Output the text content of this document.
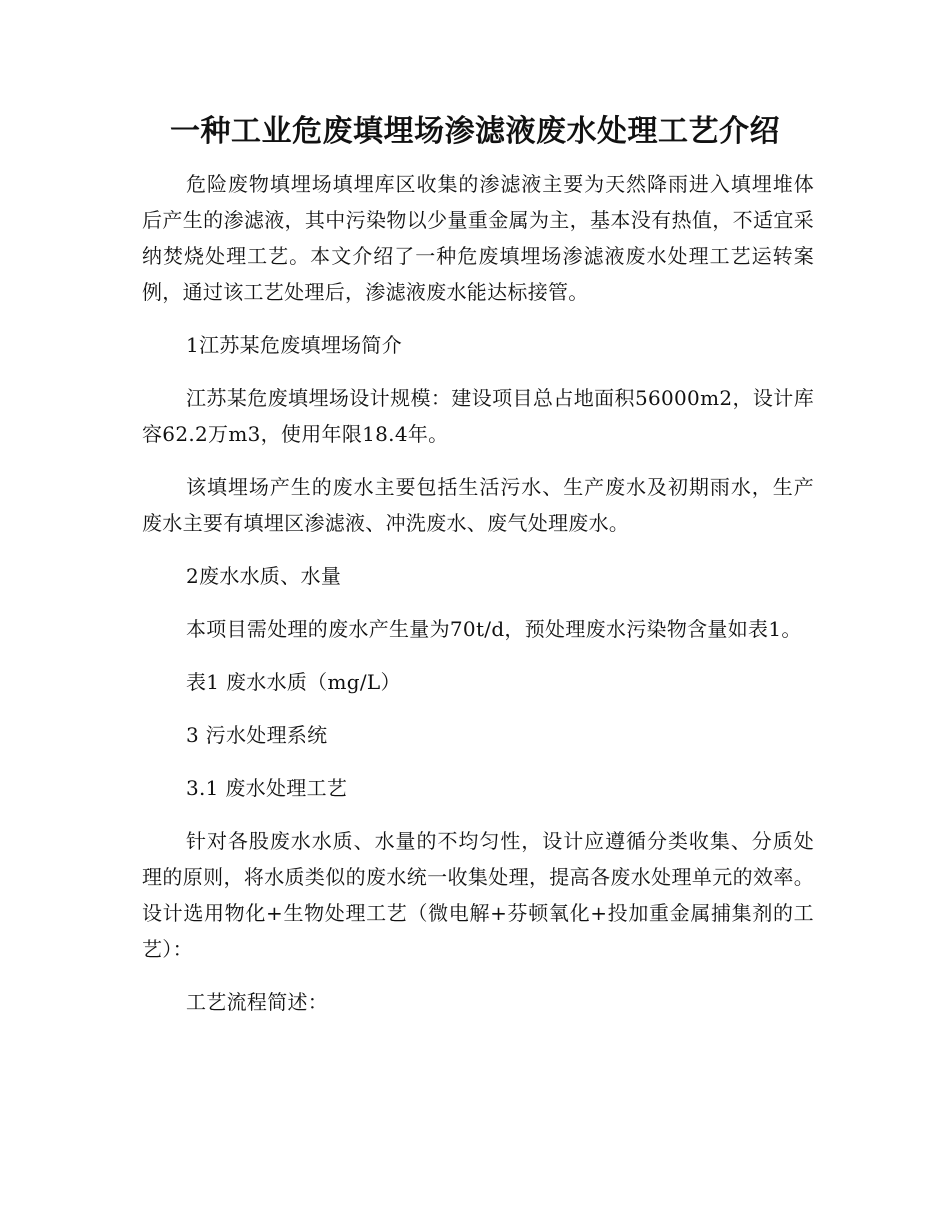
一种工业危废填埋场渗滤液废水处理工艺介绍

危险废物填埋场填埋库区收集的渗滤液主要为天然降雨进入填埋堆体后产生的渗滤液，其中污染物以少量重金属为主，基本没有热值，不适宜采纳焚烧处理工艺。本文介绍了一种危废填埋场渗滤液废水处理工艺运转案例，通过该工艺处理后，渗滤液废水能达标接管。

1江苏某危废填埋场简介

江苏某危废填埋场设计规模：建设项目总占地面积56000m2，设计库容62.2万m3，使用年限18.4年。

该填埋场产生的废水主要包括生活污水、生产废水及初期雨水，生产废水主要有填埋区渗滤液、冲洗废水、废气处理废水。

2废水水质、水量

本项目需处理的废水产生量为70t/d，预处理废水污染物含量如表1。

表1 废水水质（mg/L）

3 污水处理系统

3.1 废水处理工艺

针对各股废水水质、水量的不均匀性，设计应遵循分类收集、分质处理的原则，将水质类似的废水统一收集处理，提高各废水处理单元的效率。设计选用物化+生物处理工艺（微电解+芬顿氧化+投加重金属捕集剂的工艺）：

工艺流程简述：
